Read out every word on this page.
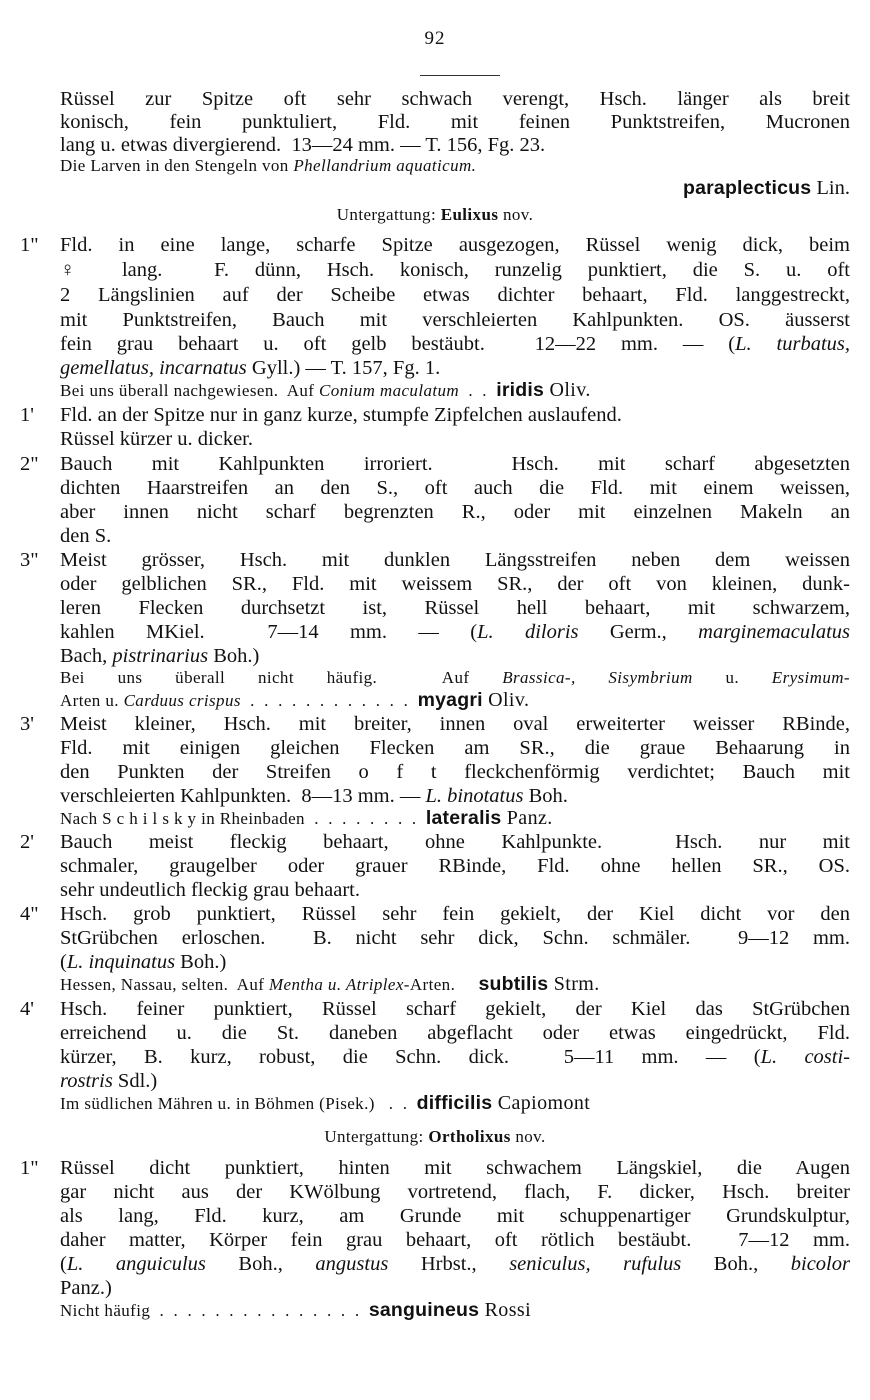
92
Rüssel zur Spitze oft sehr schwach verengt, Hsch. länger als breit
konisch, fein punktuliert, Fld. mit feinen Punktstreifen, Mucronen
lang u. etwas divergierend.  13—24 mm. — T. 156, Fg. 23.
Die Larven in den Stengeln von Phellandrium aquaticum.
paraplecticus Lin.
Untergattung: Eulixus nov.
1"	Fld. in eine lange, scharfe Spitze ausgezogen, Rüssel wenig dick, beim
♀ lang.  F. dünn, Hsch. konisch, runzelig punktiert, die S. u. oft
2 Längslinien auf der Scheibe etwas dichter behaart, Fld. langgestreckt,
mit Punktstreifen, Bauch mit verschleierten Kahlpunkten. OS. äusserst
fein grau behaart u. oft gelb bestäubt.  12—22 mm. — (L. turbatus,
gemellatus, incarnatus Gyll.) — T. 157, Fg. 1.
Bei uns überall nachgewiesen.  Auf Conium maculatum  .  .  iridis Oliv.
1'	Fld. an der Spitze nur in ganz kurze, stumpfe Zipfelchen auslaufend.
Rüssel kürzer u. dicker.
2"	Bauch mit Kahlpunkten irroriert.  Hsch. mit scharf abgesetzten
dichten Haarstreifen an den S., oft auch die Fld. mit einem weissen,
aber innen nicht scharf begrenzten R., oder mit einzelnen Makeln an
den S.
3"	Meist grösser, Hsch. mit dunklen Längsstreifen neben dem weissen
oder gelblichen SR., Fld. mit weissem SR., der oft von kleinen, dunk-
leren Flecken durchsetzt ist, Rüssel hell behaart, mit schwarzem,
kahlen MKiel.  7—14 mm. — (L. diloris Germ., marginemaculatus
Bach, pistrinarius Boh.)
Bei uns überall nicht häufig.  Auf Brassica-, Sisymbrium u. Erysimum-
Arten u. Carduus crispus  .  .  .  .  .  .  .  .  .  .  .  .  myagri Oliv.
3'	Meist kleiner, Hsch. mit breiter, innen oval erweiterter weisser RBinde,
Fld. mit einigen gleichen Flecken am SR., die graue Behaarung in
den Punkten der Streifen o f t fleckchenförmig verdichtet; Bauch mit
verschleierten Kahlpunkten.  8—13 mm. — L. binotatus Boh.
Nach S c h i l s k y in Rheinbaden  .  .  .  .  .  .  .  .  lateralis Panz.
2'	Bauch meist fleckig behaart, ohne Kahlpunkte.  Hsch. nur mit
schmaler, graugelber oder grauer RBinde, Fld. ohne hellen SR., OS.
sehr undeutlich fleckig grau behaart.
4"	Hsch. grob punktiert, Rüssel sehr fein gekielt, der Kiel dicht vor den
StGrübchen erloschen.  B. nicht sehr dick, Schn. schmäler.  9—12 mm.
(L. inquinatus Boh.)
Hessen, Nassau, selten.  Auf Mentha u. Atriplex-Arten.     subtilis Strm.
4'	Hsch. feiner punktiert, Rüssel scharf gekielt, der Kiel das StGrübchen
erreichend u. die St. daneben abgeflacht oder etwas eingedrückt, Fld.
kürzer, B. kurz, robust, die Schn. dick.  5—11 mm. — (L. costi-
rostris Sdl.)
Im südlichen Mähren u. in Böhmen (Pisek.)   .  .  difficilis Capiomont
Untergattung: Ortholixus nov.
1"	Rüssel dicht punktiert, hinten mit schwachem Längskiel, die Augen
gar nicht aus der KWölbung vortretend, flach, F. dicker, Hsch. breiter
als lang, Fld. kurz, am Grunde mit schuppenartiger Grundskulptur,
daher matter, Körper fein grau behaart, oft rötlich bestäubt.  7—12 mm.
(L. anguiculus Boh., angustus Hrbst., seniculus, rufulus Boh., bicolor
Panz.)
Nicht häufig  .  .  .  .  .  .  .  .  .  .  .  .  .  .  .  sanguineus Rossi
